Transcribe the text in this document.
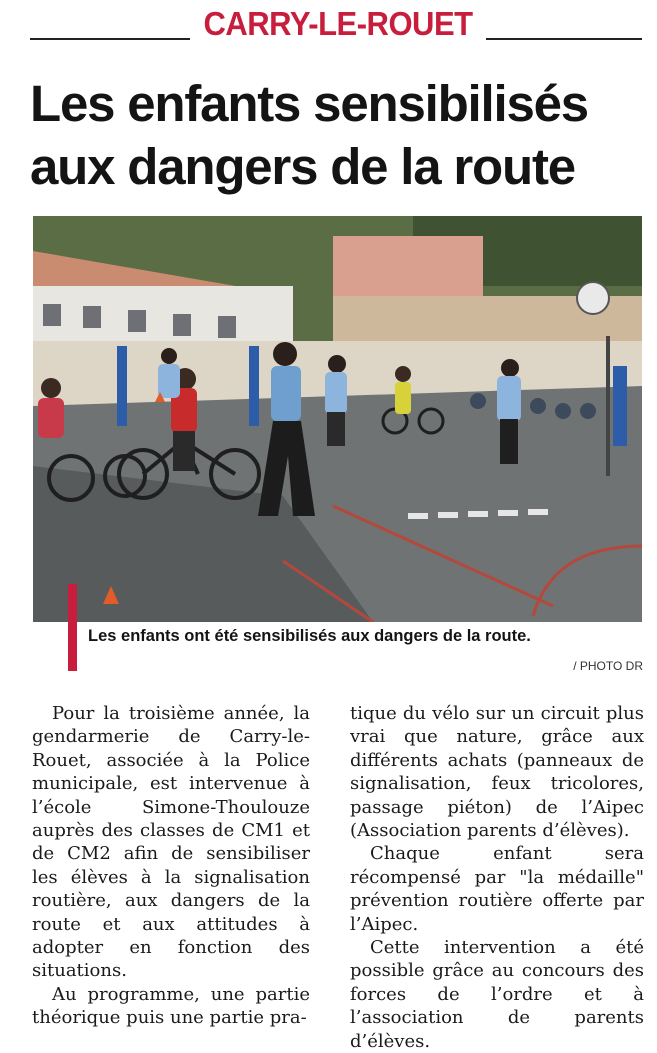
CARRY-LE-ROUET
Les enfants sensibilisés
aux dangers de la route
Les enfants ont été sensibilisés aux dangers de la route.
/ PHOTO DR

Pour la troisième année, la gendarmerie de Carry-le-Rouet, associée à la Police municipale, est intervenue à l’école Simone-Thoulouze auprès des classes de CM1 et de CM2 afin de sensibiliser les élèves à la signalisation routière, aux dangers de la route et aux attitudes à adopter en fonction des situations.

Au programme, une partie théorique puis une partie pra-

tique du vélo sur un circuit plus vrai que nature, grâce aux différents achats (panneaux de signalisation, feux tricolores, passage piéton) de l’Aipec (Association parents d’élèves).

Chaque enfant sera récompensé par "la médaille" prévention routière offerte par l’Aipec.

Cette intervention a été possible grâce au concours des forces de l’ordre et à l’association de parents d’élèves.
